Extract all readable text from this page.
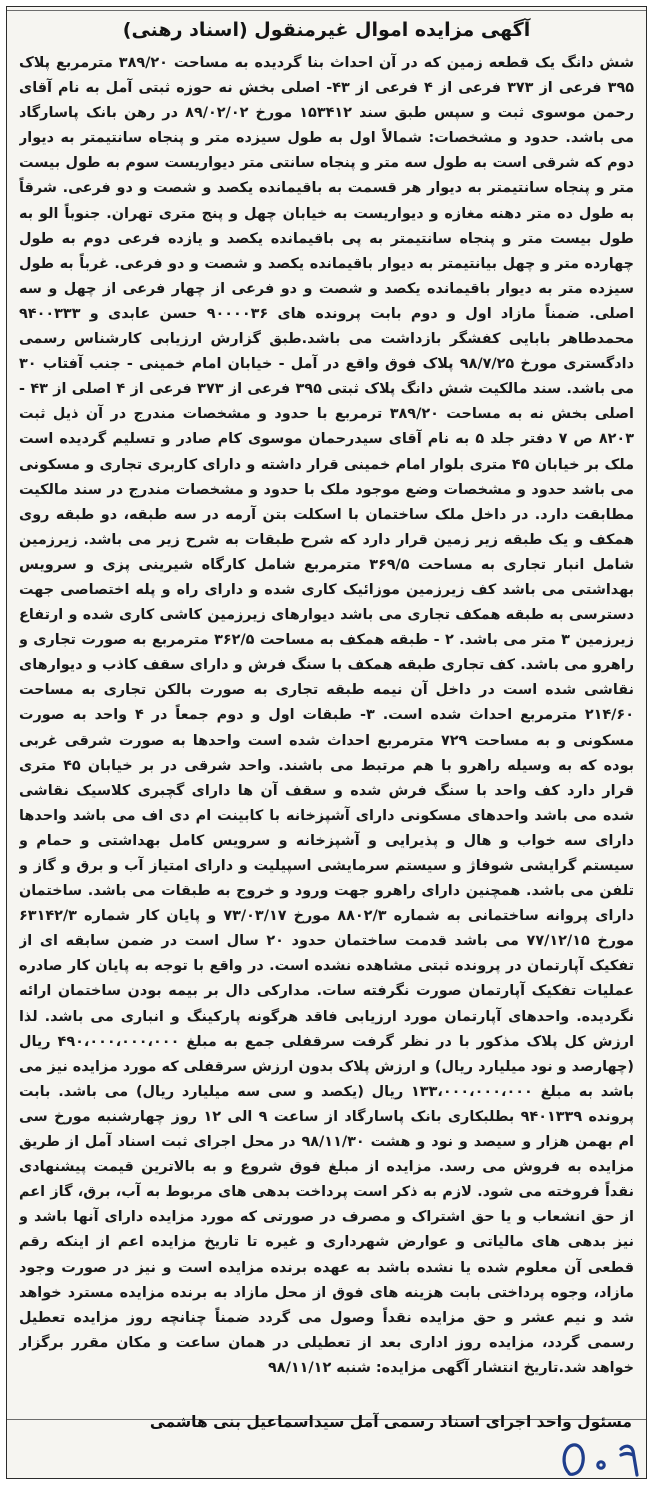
آگهی مزایده اموال غیرمنقول (اسناد رهنی)
شش دانگ یک قطعه زمین که در آن احداث بنا گردیده به مساحت ۳۸۹/۲۰ مترمربع پلاک ۳۹۵ فرعی از ۳۷۳ فرعی از ۴ فرعی از ۴۳- اصلی بخش نه حوزه ثبتی آمل به نام آقای رحمن موسوی ثبت و سپس طبق سند ۱۵۳۴۱۲ مورخ ۸۹/۰۲/۰۲ در رهن بانک پاسارگاد می باشد. حدود و مشخصات: شمالاً اول به طول سیزده متر و پنجاه سانتیمتر به دیوار دوم که شرقی است به طول سه متر و پنجاه سانتی متر دیواریست سوم به طول بیست متر و پنجاه سانتیمتر به دیوار هر قسمت به باقیمانده یکصد و شصت و دو فرعی. شرقاً به طول ده متر دهنه مغازه و دیواریست به خیابان چهل و پنج متری تهران. جنوباً الو به طول بیست متر و پنجاه سانتیمتر به پی باقیمانده یکصد و یازده فرعی دوم به طول چهارده متر و چهل بیانتیمتر به دیوار باقیمانده یکصد و شصت و دو فرعی. غرباً به طول سیزده متر به دیوار باقیمانده یکصد و شصت و دو فرعی از چهار فرعی از چهل و سه اصلی. ضمناً مازاد اول و دوم بابت پرونده های ۹۰۰۰۰۳۶ حسن عابدی و ۹۴۰۰۳۳۳ محمدطاهر بابایی کفشگر بازداشت می باشد.طبق گزارش ارزیابی کارشناس رسمی دادگستری مورخ ۹۸/۷/۲۵ پلاک فوق واقع در آمل - خیابان امام خمینی - جنب آفتاب ۳۰ می باشد. سند مالکیت شش دانگ پلاک ثبتی ۳۹۵ فرعی از ۳۷۳ فرعی از ۴ اصلی از ۴۳ - اصلی بخش نه به مساحت ۳۸۹/۲۰ ترمربع با حدود و مشخصات مندرج در آن ذیل ثبت ۸۲۰۳ ص ۷ دفتر جلد ۵ به نام آقای سیدرحمان موسوی کام صادر و تسلیم گردیده است ملک بر خیابان ۴۵ متری بلوار امام خمینی قرار داشته و دارای کاربری تجاری و مسکونی می باشد حدود و مشخصات وضع موجود ملک با حدود و مشخصات مندرج در سند مالکیت مطابقت دارد. در داخل ملک ساختمان با اسکلت بتن آرمه در سه طبقه، دو طبقه روی همکف و یک طبقه زیر زمین قرار دارد که شرح طبقات به شرح زیر می باشد. زیرزمین شامل انبار تجاری به مساحت ۳۶۹/۵ مترمربع شامل کارگاه شیرینی پزی و سرویس بهداشتی می باشد کف زیرزمین موزائیک کاری شده و دارای راه و پله اختصاصی جهت دسترسی به طبقه همکف تجاری می باشد دیوارهای زیرزمین کاشی کاری شده و ارتفاع زیرزمین ۳ متر می باشد. ۲ - طبقه همکف به مساحت ۳۶۲/۵ مترمربع به صورت تجاری و راهرو می باشد. کف تجاری طبقه همکف با سنگ فرش و دارای سقف کاذب و دیوارهای نقاشی شده است در داخل آن نیمه طبقه تجاری به صورت بالکن تجاری به مساحت ۲۱۴/۶۰ مترمربع احداث شده است. ۳- طبقات اول و دوم جمعاً در ۴ واحد به صورت مسکونی و به مساحت ۷۲۹ مترمربع احداث شده است واحدها به صورت شرقی غربی بوده که به وسیله راهرو با هم مرتبط می باشند. واحد شرقی در بر خیابان ۴۵ متری قرار دارد کف واحد با سنگ فرش شده و سقف آن ها دارای گچبری کلاسیک نقاشی شده می باشد واحدهای مسکونی دارای آشپزخانه با کابینت ام دی اف می باشد واحدها دارای سه خواب و هال و پذیرایی و آشپزخانه و سرویس کامل بهداشتی و حمام و سیستم گرایشی شوفاژ و سیستم سرمایشی اسپیلیت و دارای امتیاز آب و برق و گاز و تلفن می باشد. همچنین دارای راهرو جهت ورود و خروج به طبقات می باشد. ساختمان دارای پروانه ساختمانی به شماره ۸۸۰۲/۳ مورخ ۷۳/۰۳/۱۷ و پایان کار شماره ۶۳۱۴۲/۳ مورخ ۷۷/۱۲/۱۵ می باشد قدمت ساختمان حدود ۲۰ سال است در ضمن سابقه ای از تفکیک آپارتمان در پرونده ثبتی مشاهده نشده است. در واقع با توجه به پایان کار صادره عملیات تفکیک آپارتمان صورت نگرفته سات. مدارکی دال بر بیمه بودن ساختمان ارائه نگردیده. واحدهای آپارتمان مورد ارزیابی فاقد هرگونه پارکینگ و انباری می باشد. لذا ارزش کل پلاک مذکور با در نظر گرفت سرقفلی جمع به مبلغ ۴۹۰،۰۰۰،۰۰۰،۰۰۰ ریال (چهارصد و نود میلیارد ریال) و ارزش پلاک بدون ارزش سرقفلی که مورد مزایده نیز می باشد به مبلغ ۱۳۳،۰۰۰،۰۰۰،۰۰۰ ریال (یکصد و سی سه میلیارد ریال) می باشد. بابت پرونده ۹۴۰۱۳۳۹ بطلبکاری بانک پاسارگاد از ساعت ۹ الی ۱۲ روز چهارشنبه مورخ سی ام بهمن هزار و سیصد و نود و هشت ۹۸/۱۱/۳۰ در محل اجرای ثبت اسناد آمل از طریق مزایده به فروش می رسد. مزایده از مبلغ فوق شروع و به بالاترین قیمت پیشنهادی نقداً فروخته می شود. لازم به ذکر است پرداخت بدهی های مربوط به آب، برق، گاز اعم از حق انشعاب و یا حق اشتراک و مصرف در صورتی که مورد مزایده دارای آنها باشد و نیز بدهی های مالیاتی و عوارض شهرداری و غیره تا تاریخ مزایده اعم از اینکه رقم قطعی آن معلوم شده یا نشده باشد به عهده برنده مزایده است و نیز در صورت وجود مازاد، وجوه پرداختی بابت هزینه های فوق از محل مازاد به برنده مزایده مسترد خواهد شد و نیم عشر و حق مزایده نقداً وصول می گردد ضمناً چنانچه روز مزایده تعطیل رسمی گردد، مزایده روز اداری بعد از تعطیلی در همان ساعت و مکان مقرر برگزار خواهد شد.تاریخ انتشار آگهی مزایده: شنبه ۹۸/۱۱/۱۲
مسئول واحد اجرای اسناد رسمی آمل سیداسماعیل بنی هاشمی
